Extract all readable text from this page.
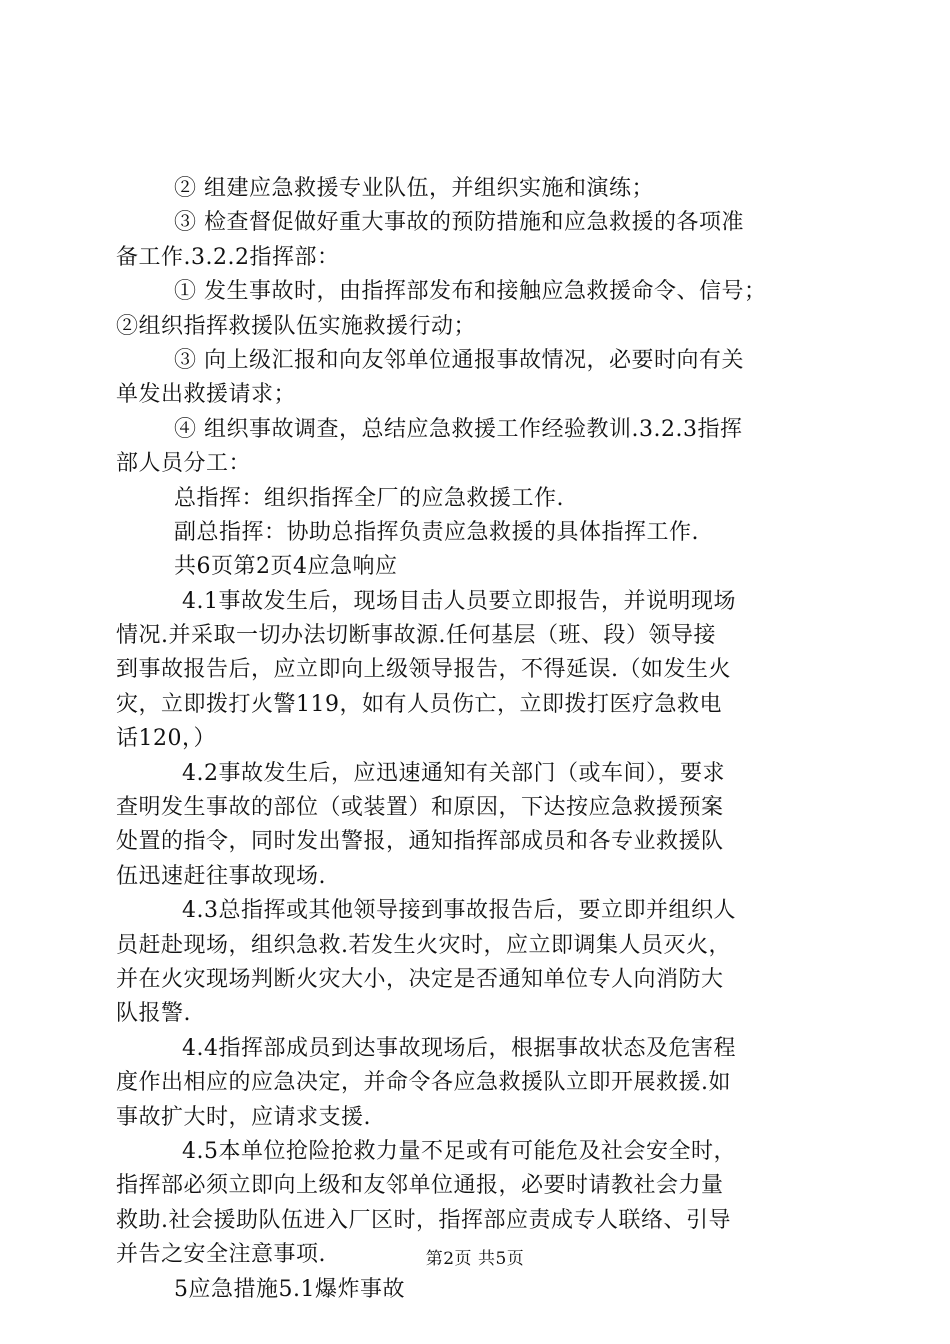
② 组建应急救援专业队伍，并组织实施和演练；
③ 检查督促做好重大事故的预防措施和应急救援的各项准
备工作.3.2.2指挥部：
① 发生事故时，由指挥部发布和接触应急救援命令、信号；
②组织指挥救援队伍实施救援行动；
③ 向上级汇报和向友邻单位通报事故情况，必要时向有关
单发出救援请求；
④ 组织事故调查，总结应急救援工作经验教训.3.2.3指挥
部人员分工：
总指挥：组织指挥全厂的应急救援工作.
副总指挥：协助总指挥负责应急救援的具体指挥工作.
共6页第2页4应急响应
4.1事故发生后，现场目击人员要立即报告，并说明现场
情况.并采取一切办法切断事故源.任何基层（班、段）领导接
到事故报告后，应立即向上级领导报告，不得延误.（如发生火
灾，立即拨打火警119，如有人员伤亡，立即拨打医疗急救电
话120，）
4.2事故发生后，应迅速通知有关部门（或车间），要求
查明发生事故的部位（或装置）和原因，下达按应急救援预案
处置的指令，同时发出警报，通知指挥部成员和各专业救援队
伍迅速赶往事故现场.
4.3总指挥或其他领导接到事故报告后，要立即并组织人
员赶赴现场，组织急救.若发生火灾时，应立即调集人员灭火，
并在火灾现场判断火灾大小，决定是否通知单位专人向消防大
队报警.
4.4指挥部成员到达事故现场后，根据事故状态及危害程
度作出相应的应急决定，并命令各应急救援队立即开展救援.如
事故扩大时，应请求支援.
4.5本单位抢险抢救力量不足或有可能危及社会安全时，
指挥部必须立即向上级和友邻单位通报，必要时请教社会力量
救助.社会援助队伍进入厂区时，指挥部应责成专人联络、引导
并告之安全注意事项.
5应急措施5.1爆炸事故
第2页 共5页
